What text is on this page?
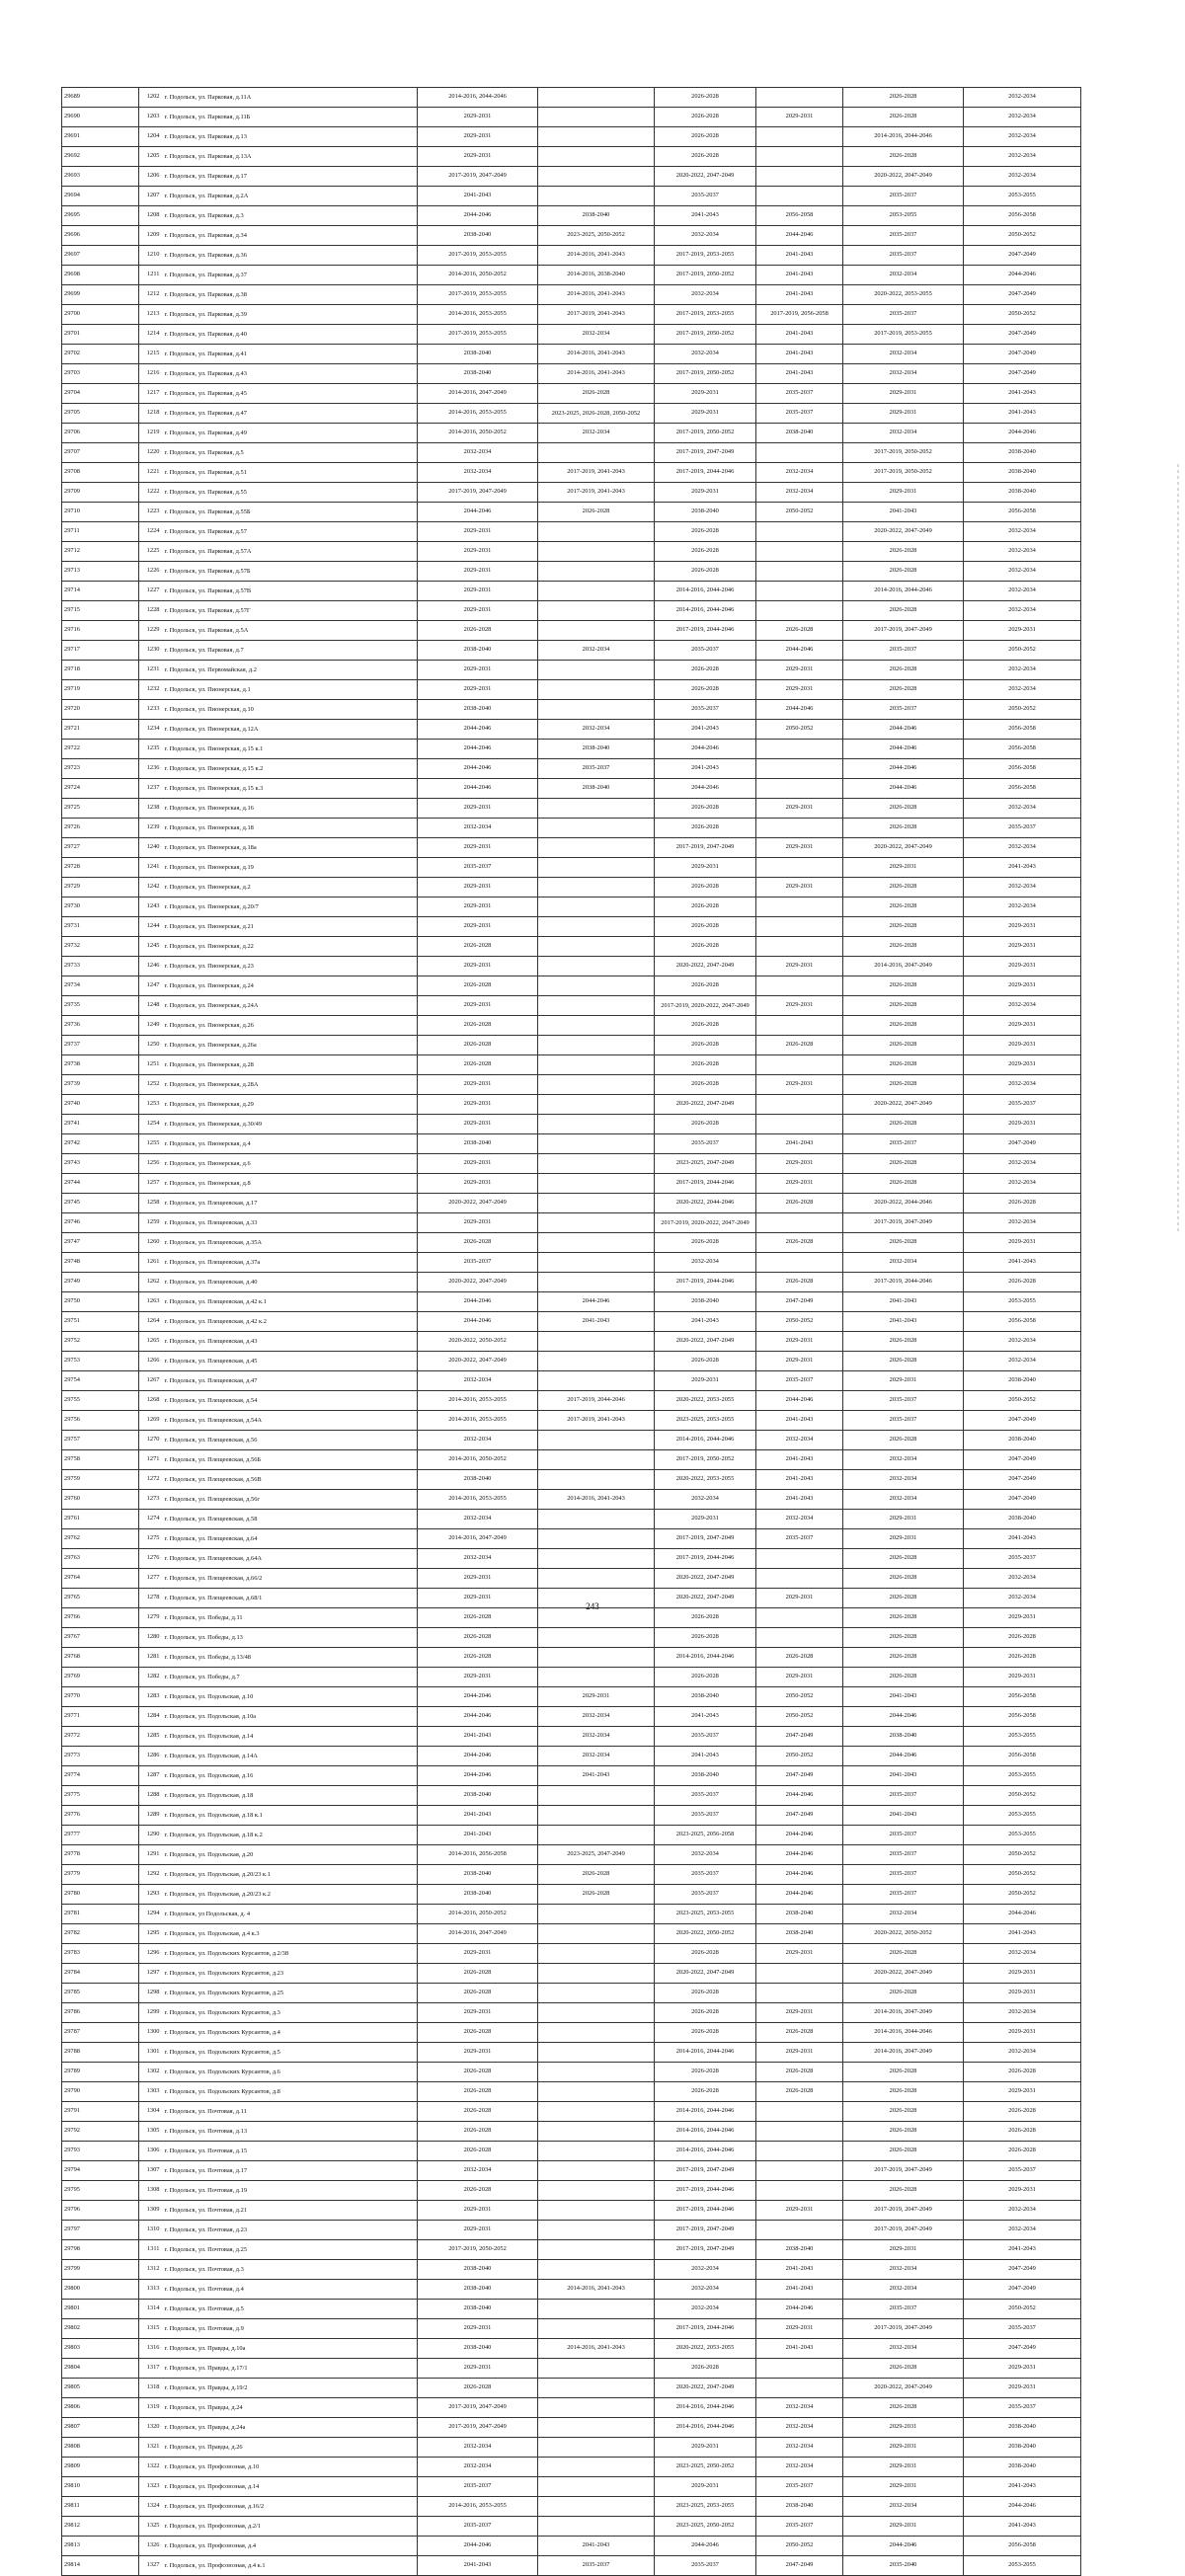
29689	1202	г. Подольск, ул. Парковая, д.11А	2014-2016, 2044-2046		2026-2028		2026-2028	2032-2034
29690	1203	г. Подольск, ул. Парковая, д.11Б	2029-2031		2026-2028	2029-2031	2026-2028	2032-2034
29691	1204	г. Подольск, ул. Парковая, д.13	2029-2031		2026-2028		2014-2016, 2044-2046	2032-2034
29692	1205	г. Подольск, ул. Парковая, д.13А	2029-2031		2026-2028		2026-2028	2032-2034
29693	1206	г. Подольск, ул. Парковая, д.17	2017-2019, 2047-2049		2020-2022, 2047-2049		2020-2022, 2047-2049	2032-2034
29694	1207	г. Подольск, ул. Парковая, д.2А	2041-2043		2035-2037		2035-2037	2053-2055
29695	1208	г. Подольск, ул. Парковая, д.3	2044-2046	2038-2040	2041-2043	2056-2058	2053-2055	2056-2058
29696	1209	г. Подольск, ул. Парковая, д.34	2038-2040	2023-2025, 2050-2052	2032-2034	2044-2046	2035-2037	2050-2052
29697	1210	г. Подольск, ул. Парковая, д.36	2017-2019, 2053-2055	2014-2016, 2041-2043	2017-2019, 2053-2055	2041-2043	2035-2037	2047-2049
29698	1211	г. Подольск, ул. Парковая, д.37	2014-2016, 2050-2052	2014-2016, 2038-2040	2017-2019, 2050-2052	2041-2043	2032-2034	2044-2046
29699	1212	г. Подольск, ул. Парковая, д.38	2017-2019, 2053-2055	2014-2016, 2041-2043	2032-2034	2041-2043	2020-2022, 2053-2055	2047-2049
29700	1213	г. Подольск, ул. Парковая, д.39	2014-2016, 2053-2055	2017-2019, 2041-2043	2017-2019, 2053-2055	2017-2019, 2056-2058	2035-2037	2050-2052
29701	1214	г. Подольск, ул. Парковая, д.40	2017-2019, 2053-2055	2032-2034	2017-2019, 2050-2052	2041-2043	2017-2019, 2053-2055	2047-2049
29702	1215	г. Подольск, ул. Парковая, д.41	2038-2040	2014-2016, 2041-2043	2032-2034	2041-2043	2032-2034	2047-2049
29703	1216	г. Подольск, ул. Парковая, д.43	2038-2040	2014-2016, 2041-2043	2017-2019, 2050-2052	2041-2043	2032-2034	2047-2049
29704	1217	г. Подольск, ул. Парковая, д.45	2014-2016, 2047-2049	2026-2028	2029-2031	2035-2037	2029-2031	2041-2043
29705	1218	г. Подольск, ул. Парковая, д.47	2014-2016, 2053-2055	2023-2025, 2026-2028, 2050-2052	2029-2031	2035-2037	2029-2031	2041-2043
29706	1219	г. Подольск, ул. Парковая, д.49	2014-2016, 2050-2052	2032-2034	2017-2019, 2050-2052	2038-2040	2032-2034	2044-2046
29707	1220	г. Подольск, ул. Парковая, д.5	2032-2034		2017-2019, 2047-2049		2017-2019, 2050-2052	2038-2040
29708	1221	г. Подольск, ул. Парковая, д.51	2032-2034	2017-2019, 2041-2043	2017-2019, 2044-2046	2032-2034	2017-2019, 2050-2052	2038-2040
29709	1222	г. Подольск, ул. Парковая, д.55	2017-2019, 2047-2049	2017-2019, 2041-2043	2029-2031	2032-2034	2029-2031	2038-2040
29710	1223	г. Подольск, ул. Парковая, д.55Б	2044-2046	2026-2028	2038-2040	2050-2052	2041-2043	2056-2058
29711	1224	г. Подольск, ул. Парковая, д.57	2029-2031		2026-2028		2020-2022, 2047-2049	2032-2034
29712	1225	г. Подольск, ул. Парковая, д.57А	2029-2031		2026-2028		2026-2028	2032-2034
29713	1226	г. Подольск, ул. Парковая, д.57Б	2029-2031		2026-2028		2026-2028	2032-2034
29714	1227	г. Подольск, ул. Парковая, д.57В	2029-2031		2014-2016, 2044-2046		2014-2016, 2044-2046	2032-2034
29715	1228	г. Подольск, ул. Парковая, д.57Г	2029-2031		2014-2016, 2044-2046		2026-2028	2032-2034
29716	1229	г. Подольск, ул. Парковая, д.5А	2026-2028		2017-2019, 2044-2046	2026-2028	2017-2019, 2047-2049	2029-2031
29717	1230	г. Подольск, ул. Парковая, д.7	2038-2040	2032-2034	2035-2037	2044-2046	2035-2037	2050-2052
29718	1231	г. Подольск, ул. Первомайская, д.2	2029-2031		2026-2028	2029-2031	2026-2028	2032-2034
29719	1232	г. Подольск, ул. Пионерская, д.1	2029-2031		2026-2028	2029-2031	2026-2028	2032-2034
29720	1233	г. Подольск, ул. Пионерская, д.10	2038-2040		2035-2037	2044-2046	2035-2037	2050-2052
29721	1234	г. Подольск, ул. Пионерская, д.12А	2044-2046	2032-2034	2041-2043	2050-2052	2044-2046	2056-2058
29722	1235	г. Подольск, ул. Пионерская, д.15 к.1	2044-2046	2038-2040	2044-2046		2044-2046	2056-2058
29723	1236	г. Подольск, ул. Пионерская, д.15 к.2	2044-2046	2035-2037	2041-2043		2044-2046	2056-2058
29724	1237	г. Подольск, ул. Пионерская, д.15 к.3	2044-2046	2038-2040	2044-2046		2044-2046	2056-2058
29725	1238	г. Подольск, ул. Пионерская, д.16	2029-2031		2026-2028	2029-2031	2026-2028	2032-2034
29726	1239	г. Подольск, ул. Пионерская, д.18	2032-2034		2026-2028		2026-2028	2035-2037
29727	1240	г. Подольск, ул. Пионерская, д.18а	2029-2031		2017-2019, 2047-2049	2029-2031	2020-2022, 2047-2049	2032-2034
29728	1241	г. Подольск, ул. Пионерская, д.19	2035-2037		2029-2031		2029-2031	2041-2043
29729	1242	г. Подольск, ул. Пионерская, д.2	2029-2031		2026-2028	2029-2031	2026-2028	2032-2034
29730	1243	г. Подольск, ул. Пионерская, д.20/7	2029-2031		2026-2028		2026-2028	2032-2034
29731	1244	г. Подольск, ул. Пионерская, д.21	2029-2031		2026-2028		2026-2028	2029-2031
29732	1245	г. Подольск, ул. Пионерская, д.22	2026-2028		2026-2028		2026-2028	2029-2031
29733	1246	г. Подольск, ул. Пионерская, д.23	2029-2031		2020-2022, 2047-2049	2029-2031	2014-2016, 2047-2049	2029-2031
29734	1247	г. Подольск, ул. Пионерская, д.24	2026-2028		2026-2028		2026-2028	2029-2031
29735	1248	г. Подольск, ул. Пионерская, д.24А	2029-2031		2017-2019, 2020-2022, 2047-2049	2029-2031	2026-2028	2032-2034
29736	1249	г. Подольск, ул. Пионерская, д.26	2026-2028		2026-2028		2026-2028	2029-2031
29737	1250	г. Подольск, ул. Пионерская, д.26а	2026-2028		2026-2028	2026-2028	2026-2028	2029-2031
29738	1251	г. Подольск, ул. Пионерская, д.28	2026-2028		2026-2028		2026-2028	2029-2031
29739	1252	г. Подольск, ул. Пионерская, д.28А	2029-2031		2026-2028	2029-2031	2026-2028	2032-2034
29740	1253	г. Подольск, ул. Пионерская, д.29	2029-2031		2020-2022, 2047-2049		2020-2022, 2047-2049	2035-2037
29741	1254	г. Подольск, ул. Пионерская, д.30/49	2029-2031		2026-2028		2026-2028	2029-2031
29742	1255	г. Подольск, ул. Пионерская, д.4	2038-2040		2035-2037	2041-2043	2035-2037	2047-2049
29743	1256	г. Подольск, ул. Пионерская, д.6	2029-2031		2023-2025, 2047-2049	2029-2031	2026-2028	2032-2034
29744	1257	г. Подольск, ул. Пионерская, д.8	2029-2031		2017-2019, 2044-2046	2029-2031	2026-2028	2032-2034
29745	1258	г. Подольск, ул. Плещеевская, д.17	2020-2022, 2047-2049		2020-2022, 2044-2046	2026-2028	2020-2022, 2044-2046	2026-2028
29746	1259	г. Подольск, ул. Плещеевская, д.33	2029-2031		2017-2019, 2020-2022, 2047-2049		2017-2019, 2047-2049	2032-2034
29747	1260	г. Подольск, ул. Плещеевская, д.35А	2026-2028		2026-2028	2026-2028	2026-2028	2029-2031
29748	1261	г. Подольск, ул. Плещеевская, д.37а	2035-2037		2032-2034		2032-2034	2041-2043
29749	1262	г. Подольск, ул. Плещеевская, д.40	2020-2022, 2047-2049		2017-2019, 2044-2046	2026-2028	2017-2019, 2044-2046	2026-2028
29750	1263	г. Подольск, ул. Плещеевская, д.42 к.1	2044-2046	2044-2046	2038-2040	2047-2049	2041-2043	2053-2055
29751	1264	г. Подольск, ул. Плещеевская, д.42 к.2	2044-2046	2041-2043	2041-2043	2050-2052	2041-2043	2056-2058
29752	1265	г. Подольск, ул. Плещеевская, д.43	2020-2022, 2050-2052		2020-2022, 2047-2049	2029-2031	2026-2028	2032-2034
29753	1266	г. Подольск, ул. Плещеевская, д.45	2020-2022, 2047-2049		2026-2028	2029-2031	2026-2028	2032-2034
29754	1267	г. Подольск, ул. Плещеевская, д.47	2032-2034		2029-2031	2035-2037	2029-2031	2038-2040
29755	1268	г. Подольск, ул. Плещеевская, д.54	2014-2016, 2053-2055	2017-2019, 2044-2046	2020-2022, 2053-2055	2044-2046	2035-2037	2050-2052
29756	1269	г. Подольск, ул. Плещеевская, д.54А	2014-2016, 2053-2055	2017-2019, 2041-2043	2023-2025, 2053-2055	2041-2043	2035-2037	2047-2049
29757	1270	г. Подольск, ул. Плещеевская, д.56	2032-2034		2014-2016, 2044-2046	2032-2034	2026-2028	2038-2040
29758	1271	г. Подольск, ул. Плещеевская, д.56Б	2014-2016, 2050-2052		2017-2019, 2050-2052	2041-2043	2032-2034	2047-2049
29759	1272	г. Подольск, ул. Плещеевская, д.56В	2038-2040		2020-2022, 2053-2055	2041-2043	2032-2034	2047-2049
29760	1273	г. Подольск, ул. Плещеевская, д.56г	2014-2016, 2053-2055	2014-2016, 2041-2043	2032-2034	2041-2043	2032-2034	2047-2049
29761	1274	г. Подольск, ул. Плещеевская, д.58	2032-2034		2029-2031	2032-2034	2029-2031	2038-2040
29762	1275	г. Подольск, ул. Плещеевская, д.64	2014-2016, 2047-2049		2017-2019, 2047-2049	2035-2037	2029-2031	2041-2043
29763	1276	г. Подольск, ул. Плещеевская, д.64А	2032-2034		2017-2019, 2044-2046		2026-2028	2035-2037
29764	1277	г. Подольск, ул. Плещеевская, д.66/2	2029-2031		2020-2022, 2047-2049		2026-2028	2032-2034
29765	1278	г. Подольск, ул. Плещеевская, д.68/1	2029-2031		2020-2022, 2047-2049	2029-2031	2026-2028	2032-2034
29766	1279	г. Подольск, ул. Победы, д.11	2026-2028		2026-2028		2026-2028	2029-2031
29767	1280	г. Подольск, ул. Победы, д.13	2026-2028		2026-2028		2026-2028	2026-2028
29768	1281	г. Подольск, ул. Победы, д.13/48	2026-2028		2014-2016, 2044-2046	2026-2028	2026-2028	2026-2028
29769	1282	г. Подольск, ул. Победы, д.7	2029-2031		2026-2028	2029-2031	2026-2028	2029-2031
29770	1283	г. Подольск, ул. Подольская, д.10	2044-2046	2029-2031	2038-2040	2050-2052	2041-2043	2056-2058
29771	1284	г. Подольск, ул. Подольская, д.10а	2044-2046	2032-2034	2041-2043	2050-2052	2044-2046	2056-2058
29772	1285	г. Подольск, ул. Подольская, д.14	2041-2043	2032-2034	2035-2037	2047-2049	2038-2040	2053-2055
29773	1286	г. Подольск, ул. Подольская, д.14А	2044-2046	2032-2034	2041-2043	2050-2052	2044-2046	2056-2058
29774	1287	г. Подольск, ул. Подольская, д.16	2044-2046	2041-2043	2038-2040	2047-2049	2041-2043	2053-2055
29775	1288	г. Подольск, ул. Подольская, д.18	2038-2040		2035-2037	2044-2046	2035-2037	2050-2052
29776	1289	г. Подольск, ул. Подольская, д.18 к.1	2041-2043		2035-2037	2047-2049	2041-2043	2053-2055
29777	1290	г. Подольск, ул. Подольская, д.18 к.2	2041-2043		2023-2025, 2056-2058	2044-2046	2035-2037	2053-2055
29778	1291	г. Подольск, ул. Подольская, д.20	2014-2016, 2056-2058	2023-2025, 2047-2049	2032-2034	2044-2046	2035-2037	2050-2052
29779	1292	г. Подольск, ул. Подольская, д.20/23 к.1	2038-2040	2026-2028	2035-2037	2044-2046	2035-2037	2050-2052
29780	1293	г. Подольск, ул. Подольская, д.20/23 к.2	2038-2040	2026-2028	2035-2037	2044-2046	2035-2037	2050-2052
29781	1294	г. Подольск, ул Подольская, д. 4	2014-2016, 2050-2052		2023-2025, 2053-2055	2038-2040	2032-2034	2044-2046
29782	1295	г. Подольск, ул. Подольская, д.4 к.3	2014-2016, 2047-2049		2020-2022, 2050-2052	2038-2040	2020-2022, 2050-2052	2041-2043
29783	1296	г. Подольск, ул. Подольских Курсантов, д.2/38	2029-2031		2026-2028	2029-2031	2026-2028	2032-2034
29784	1297	г. Подольск, ул. Подольских Курсантов, д.23	2026-2028		2020-2022, 2047-2049		2020-2022, 2047-2049	2029-2031
29785	1298	г. Подольск, ул. Подольских Курсантов, д.25	2026-2028		2026-2028		2026-2028	2029-2031
29786	1299	г. Подольск, ул. Подольских Курсантов, д.3	2029-2031		2026-2028	2029-2031	2014-2016, 2047-2049	2032-2034
29787	1300	г. Подольск, ул. Подольских Курсантов, д.4	2026-2028		2026-2028	2026-2028	2014-2016, 2044-2046	2029-2031
29788	1301	г. Подольск, ул. Подольских Курсантов, д.5	2029-2031		2014-2016, 2044-2046	2029-2031	2014-2016, 2047-2049	2032-2034
29789	1302	г. Подольск, ул. Подольских Курсантов, д.6	2026-2028		2026-2028	2026-2028	2026-2028	2026-2028
29790	1303	г. Подольск, ул. Подольских Курсантов, д.8	2026-2028		2026-2028	2026-2028	2026-2028	2029-2031
29791	1304	г. Подольск, ул. Почтовая, д.11	2026-2028		2014-2016, 2044-2046		2026-2028	2026-2028
29792	1305	г. Подольск, ул. Почтовая, д.13	2026-2028		2014-2016, 2044-2046		2026-2028	2026-2028
29793	1306	г. Подольск, ул. Почтовая, д.15	2026-2028		2014-2016, 2044-2046		2026-2028	2026-2028
29794	1307	г. Подольск, ул. Почтовая, д.17	2032-2034		2017-2019, 2047-2049		2017-2019, 2047-2049	2035-2037
29795	1308	г. Подольск, ул. Почтовая, д.19	2026-2028		2017-2019, 2044-2046		2026-2028	2029-2031
29796	1309	г. Подольск, ул. Почтовая, д.21	2029-2031		2017-2019, 2044-2046	2029-2031	2017-2019, 2047-2049	2032-2034
29797	1310	г. Подольск, ул. Почтовая, д.23	2029-2031		2017-2019, 2047-2049		2017-2019, 2047-2049	2032-2034
29798	1311	г. Подольск, ул. Почтовая, д.25	2017-2019, 2050-2052		2017-2019, 2047-2049	2038-2040	2029-2031	2041-2043
29799	1312	г. Подольск, ул. Почтовая, д.3	2038-2040		2032-2034	2041-2043	2032-2034	2047-2049
29800	1313	г. Подольск, ул. Почтовая, д.4	2038-2040	2014-2016, 2041-2043	2032-2034	2041-2043	2032-2034	2047-2049
29801	1314	г. Подольск, ул. Почтовая, д.5	2038-2040		2032-2034	2044-2046	2035-2037	2050-2052
29802	1315	г. Подольск, ул. Почтовая, д.9	2029-2031		2017-2019, 2044-2046	2029-2031	2017-2019, 2047-2049	2035-2037
29803	1316	г. Подольск, ул. Правды, д.10а	2038-2040	2014-2016, 2041-2043	2020-2022, 2053-2055	2041-2043	2032-2034	2047-2049
29804	1317	г. Подольск, ул. Правды, д.17/1	2029-2031		2026-2028		2026-2028	2029-2031
29805	1318	г. Подольск, ул. Правды, д.19/2	2026-2028		2020-2022, 2047-2049		2020-2022, 2047-2049	2029-2031
29806	1319	г. Подольск, ул. Правды, д.24	2017-2019, 2047-2049		2014-2016, 2044-2046	2032-2034	2026-2028	2035-2037
29807	1320	г. Подольск, ул. Правды, д.24а	2017-2019, 2047-2049		2014-2016, 2044-2046	2032-2034	2029-2031	2038-2040
29808	1321	г. Подольск, ул. Правды, д.26	2032-2034		2029-2031	2032-2034	2029-2031	2038-2040
29809	1322	г. Подольск, ул. Профсоюзная, д.10	2032-2034		2023-2025, 2050-2052	2032-2034	2029-2031	2038-2040
29810	1323	г. Подольск, ул. Профсоюзная, д.14	2035-2037		2029-2031	2035-2037	2029-2031	2041-2043
29811	1324	г. Подольск, ул. Профсоюзная, д.16/2	2014-2016, 2053-2055		2023-2025, 2053-2055	2038-2040	2032-2034	2044-2046
29812	1325	г. Подольск, ул. Профсоюзная, д.2/1	2035-2037		2023-2025, 2050-2052	2035-2037	2029-2031	2041-2043
29813	1326	г. Подольск, ул. Профсоюзная, д.4	2044-2046	2041-2043	2044-2046	2050-2052	2044-2046	2056-2058
29814	1327	г. Подольск, ул. Профсоюзная, д.4 к.1	2041-2043	2035-2037	2035-2037	2047-2049	2035-2040	2053-2055
243
